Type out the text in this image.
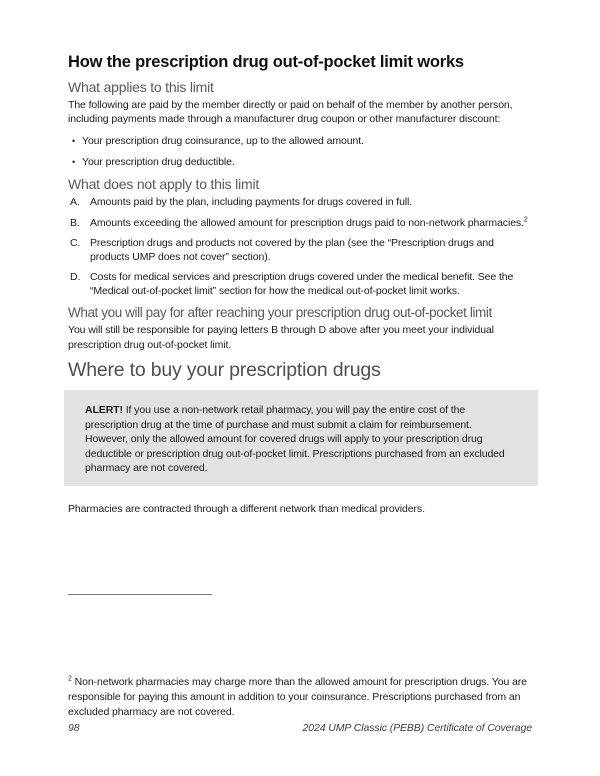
How the prescription drug out-of-pocket limit works
What applies to this limit

The following are paid by the member directly or paid on behalf of the member by another person, including payments made through a manufacturer drug coupon or other manufacturer discount:

• Your prescription drug coinsurance, up to the allowed amount.
• Your prescription drug deductible.
What does not apply to this limit
A. Amounts paid by the plan, including payments for drugs covered in full.
B. Amounts exceeding the allowed amount for prescription drugs paid to non-network pharmacies.$^2$
C. Prescription drugs and products not covered by the plan (see the “Prescription drugs and products UMP does not cover” section).
D. Costs for medical services and prescription drugs covered under the medical benefit. See the “Medical out-of-pocket limit” section for how the medical out-of-pocket limit works.
What you will pay for after reaching your prescription drug out-of-pocket limit

You will still be responsible for paying letters B through D above after you meet your individual prescription drug out-of-pocket limit.

Where to buy your prescription drugs

ALERT! If you use a non-network retail pharmacy, you will pay the entire cost of the prescription drug at the time of purchase and must submit a claim for reimbursement. However, only the allowed amount for covered drugs will apply to your prescription drug deductible or prescription drug out-of-pocket limit. Prescriptions purchased from an excluded pharmacy are not covered.

Pharmacies are contracted through a different network than medical providers.

$^2$ Non-network pharmacies may charge more than the allowed amount for prescription drugs. You are responsible for paying this amount in addition to your coinsurance. Prescriptions purchased from an excluded pharmacy are not covered.
98	2024 UMP Classic (PEBB) Certificate of Coverage
